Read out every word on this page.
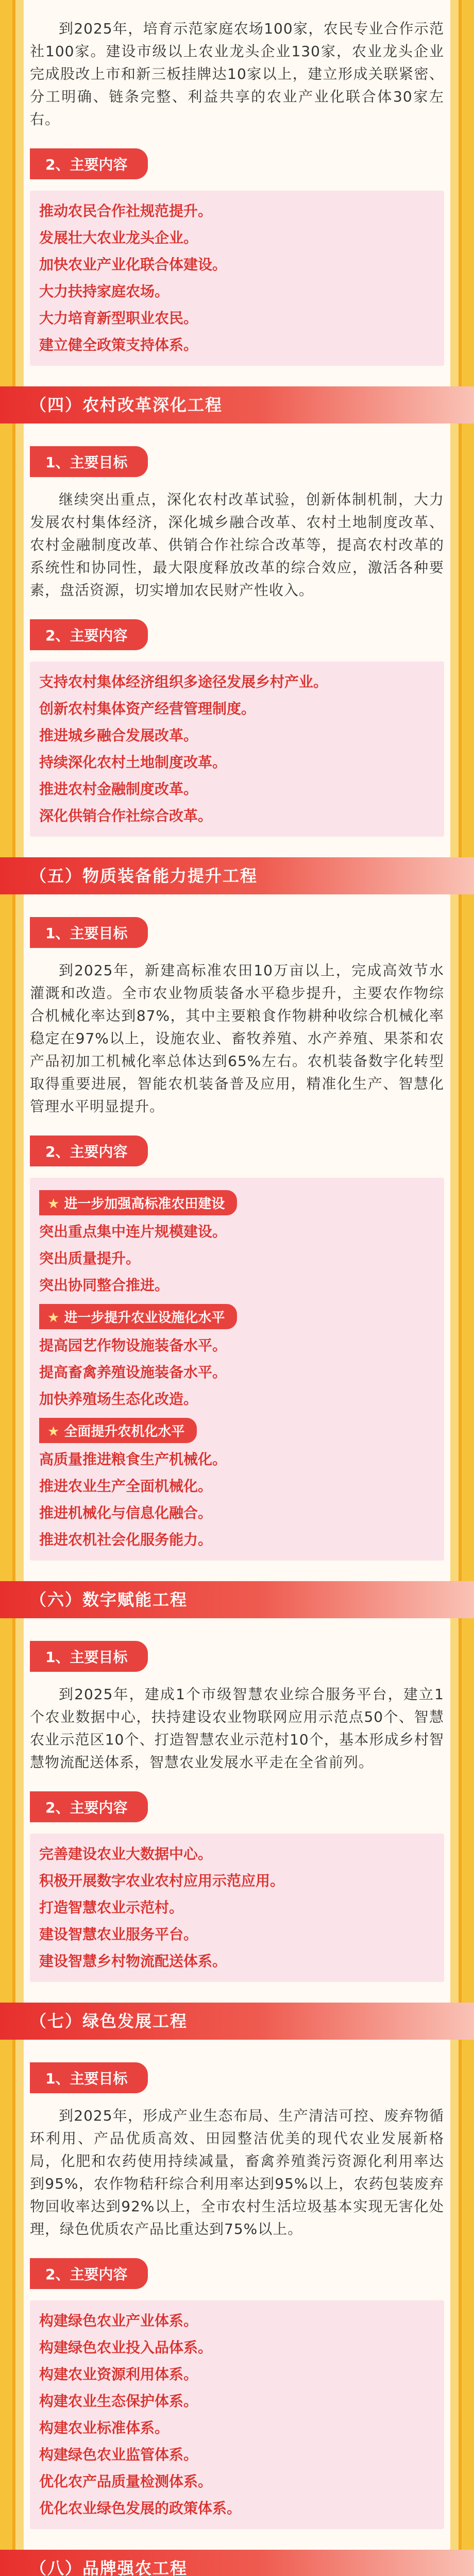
到2025年，培育示范家庭农场100家，农民专业合作示范社100家。建设市级以上农业龙头企业130家，农业龙头企业完成股改上市和新三板挂牌达10家以上，建立形成关联紧密、分工明确、链条完整、利益共享的农业产业化联合体30家左右。

2、主要内容
推动农民合作社规范提升。
发展壮大农业龙头企业。
加快农业产业化联合体建设。
大力扶持家庭农场。
大力培育新型职业农民。
建立健全政策支持体系。
（四）农村改革深化工程
1、主要目标

继续突出重点，深化农村改革试验，创新体制机制，大力发展农村集体经济，深化城乡融合改革、农村土地制度改革、农村金融制度改革、供销合作社综合改革等，提高农村改革的系统性和协同性，最大限度释放改革的综合效应，激活各种要素，盘活资源，切实增加农民财产性收入。

2、主要内容
支持农村集体经济组织多途径发展乡村产业。
创新农村集体资产经营管理制度。
推进城乡融合发展改革。
持续深化农村土地制度改革。
推进农村金融制度改革。
深化供销合作社综合改革。
（五）物质装备能力提升工程
1、主要目标

到2025年，新建高标准农田10万亩以上，完成高效节水灌溉和改造。全市农业物质装备水平稳步提升，主要农作物综合机械化率达到87%，其中主要粮食作物耕种收综合机械化率稳定在97%以上，设施农业、畜牧养殖、水产养殖、果茶和农产品初加工机械化率总体达到65%左右。农机装备数字化转型取得重要进展，智能农机装备普及应用，精准化生产、智慧化管理水平明显提升。

2、主要内容
★ 进一步加强高标准农田建设
突出重点集中连片规模建设。
突出质量提升。
突出协同整合推进。
★ 进一步提升农业设施化水平
提高园艺作物设施装备水平。
提高畜禽养殖设施装备水平。
加快养殖场生态化改造。
★ 全面提升农机化水平
高质量推进粮食生产机械化。
推进农业生产全面机械化。
推进机械化与信息化融合。
推进农机社会化服务能力。
（六）数字赋能工程
1、主要目标

到2025年，建成1个市级智慧农业综合服务平台，建立1个农业数据中心，扶持建设农业物联网应用示范点50个、智慧农业示范区10个、打造智慧农业示范村10个，基本形成乡村智慧物流配送体系，智慧农业发展水平走在全省前列。

2、主要内容
完善建设农业大数据中心。
积极开展数字农业农村应用示范应用。
打造智慧农业示范村。
建设智慧农业服务平台。
建设智慧乡村物流配送体系。
（七）绿色发展工程
1、主要目标

到2025年，形成产业生态布局、生产清洁可控、废弃物循环利用、产品优质高效、田园整洁优美的现代农业发展新格局，化肥和农药使用持续减量，畜禽养殖粪污资源化利用率达到95%，农作物秸秆综合利用率达到95%以上，农药包装废弃物回收率达到92%以上，全市农村生活垃圾基本实现无害化处理，绿色优质农产品比重达到75%以上。

2、主要内容
构建绿色农业产业体系。
构建绿色农业投入品体系。
构建农业资源利用体系。
构建农业生态保护体系。
构建农业标准体系。
构建绿色农业监管体系。
优化农产品质量检测体系。
优化农业绿色发展的政策体系。
（八）品牌强农工程
